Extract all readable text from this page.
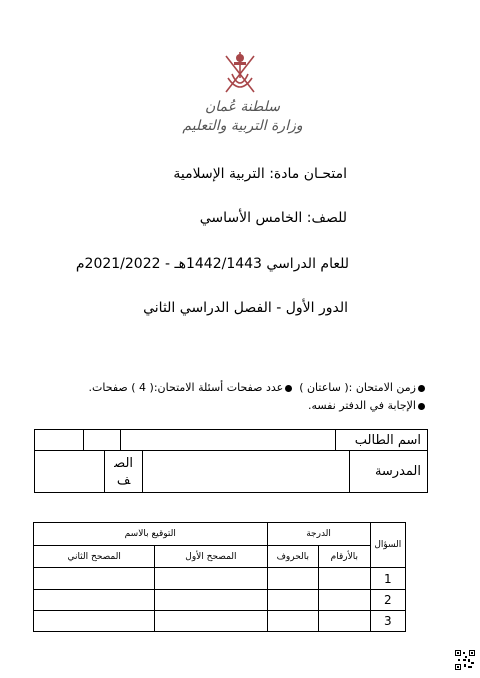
سلطنة عُمان
وزارة التربية والتعليم
امتحـان مادة: التربية الإسلامية
للصف: الخامس الأساسي
للعام الدراسي 1442/1443هـ - 2021/2022م
الدور الأول - الفصل الدراسي الثاني
زمن الامتحان :( ساعتان )  عدد صفحات أسئلة الامتحان:( 4 ) صفحات.
الإجابة في الدفتر نفسه.
			اسم الطالب
	الصف		المدرسة
السؤال	الدرجة		التوقيع بالاسم	
	بالأرقام	بالحروف	المصحح الأول	المصحح الثاني
1				
2				
3				
